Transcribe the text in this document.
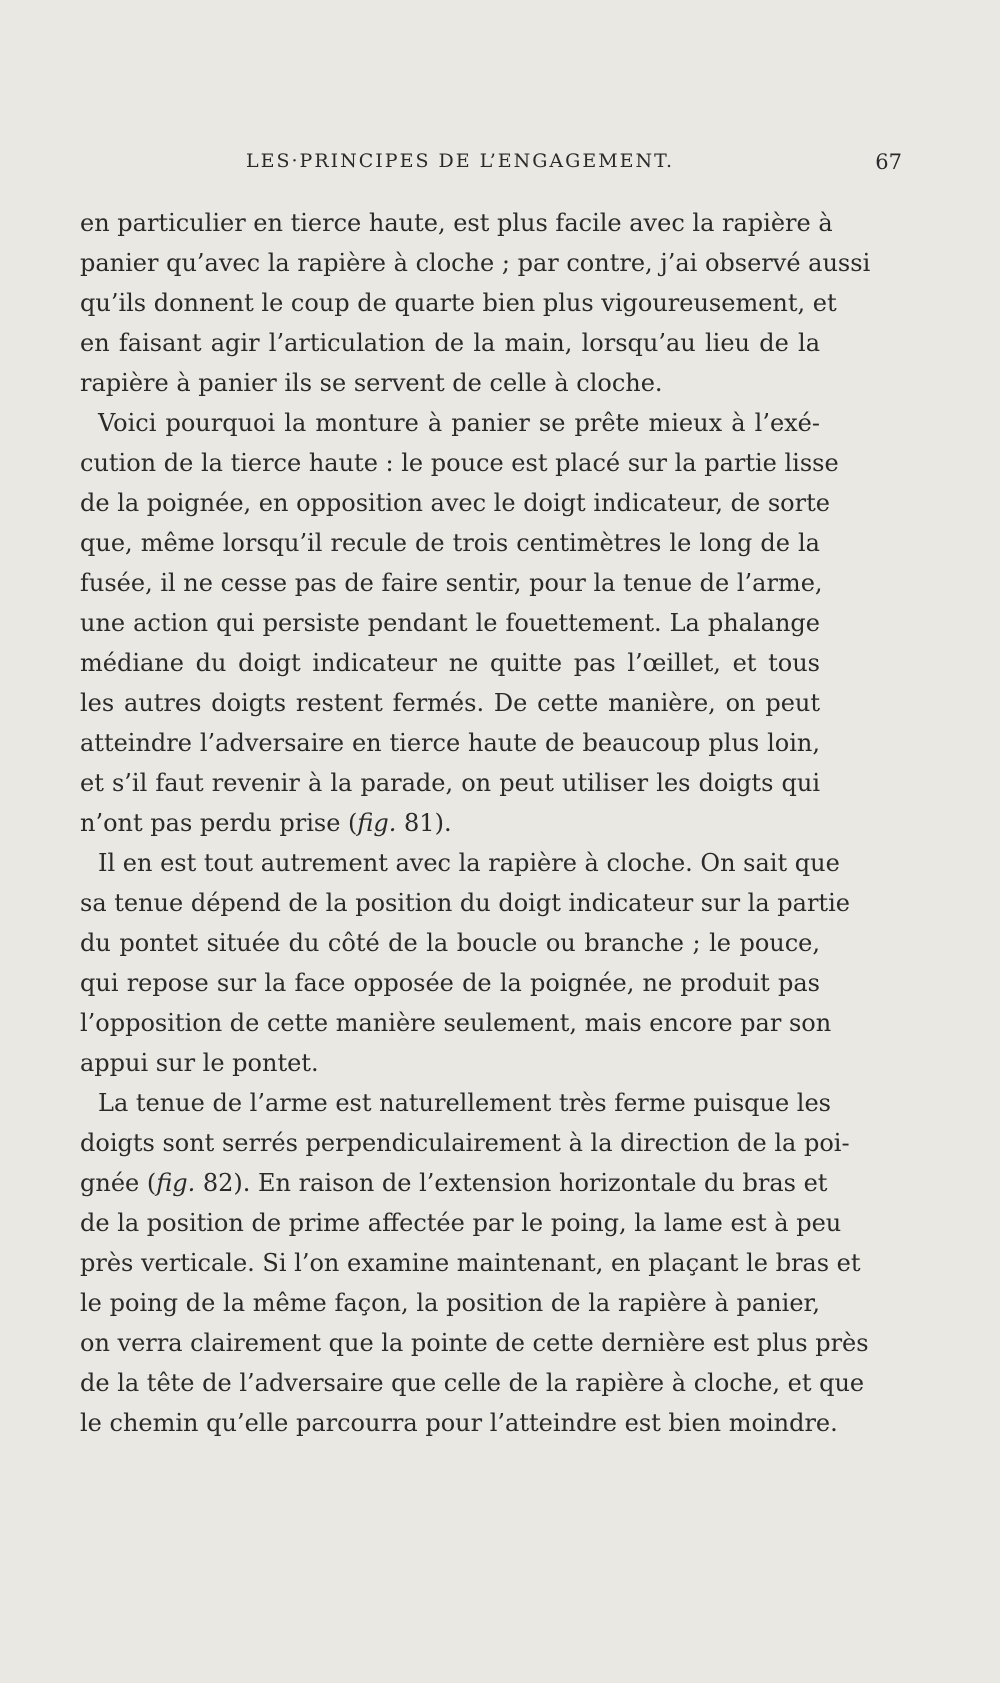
LES·PRINCIPES DE L’ENGAGEMENT.	67
en particulier en tierce haute, est plus facile avec la rapière à
panier qu’avec la rapière à cloche ; par contre, j’ai observé aussi
qu’ils donnent le coup de quarte bien plus vigoureusement, et
en faisant agir l’articulation de la main, lorsqu’au lieu de la
rapière à panier ils se servent de celle à cloche.
Voici pourquoi la monture à panier se prête mieux à l’exé-
cution de la tierce haute : le pouce est placé sur la partie lisse
de la poignée, en opposition avec le doigt indicateur, de sorte
que, même lorsqu’il recule de trois centimètres le long de la
fusée, il ne cesse pas de faire sentir, pour la tenue de l’arme,
une action qui persiste pendant le fouettement. La phalange
médiane du doigt indicateur ne quitte pas l’œillet, et tous
les autres doigts restent fermés. De cette manière, on peut
atteindre l’adversaire en tierce haute de beaucoup plus loin,
et s’il faut revenir à la parade, on peut utiliser les doigts qui
n’ont pas perdu prise (fig. 81).
Il en est tout autrement avec la rapière à cloche. On sait que
sa tenue dépend de la position du doigt indicateur sur la partie
du pontet située du côté de la boucle ou branche ; le pouce,
qui repose sur la face opposée de la poignée, ne produit pas
l’opposition de cette manière seulement, mais encore par son
appui sur le pontet.
La tenue de l’arme est naturellement très ferme puisque les
doigts sont serrés perpendiculairement à la direction de la poi-
gnée (fig. 82). En raison de l’extension horizontale du bras et
de la position de prime affectée par le poing, la lame est à peu
près verticale. Si l’on examine maintenant, en plaçant le bras et
le poing de la même façon, la position de la rapière à panier,
on verra clairement que la pointe de cette dernière est plus près
de la tête de l’adversaire que celle de la rapière à cloche, et que
le chemin qu’elle parcourra pour l’atteindre est bien moindre.
